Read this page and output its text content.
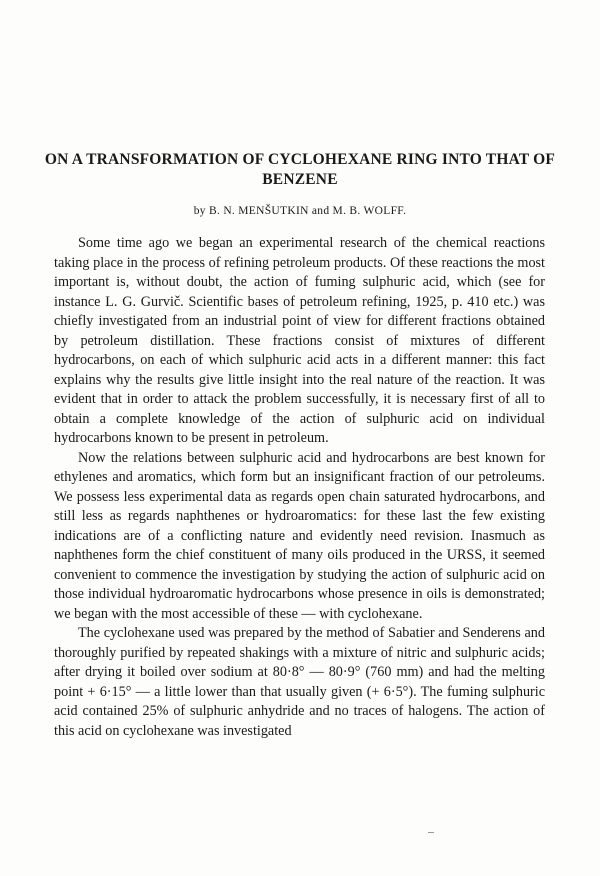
ON A TRANSFORMATION OF CYCLOHEXANE RING INTO THAT OF BENZENE
by B. N. MENŠUTKIN and M. B. WOLFF.

Some time ago we began an experimental research of the chemical reactions taking place in the process of refining petroleum products. Of these reactions the most important is, without doubt, the action of fuming sulphuric acid, which (see for instance L. G. Gurvič. Scientific bases of petroleum refining, 1925, p. 410 etc.) was chiefly investigated from an industrial point of view for different fractions obtained by petroleum distillation. These fractions consist of mixtures of different hydrocarbons, on each of which sulphuric acid acts in a different manner: this fact explains why the results give little insight into the real nature of the reaction. It was evident that in order to attack the problem successfully, it is necessary first of all to obtain a complete knowledge of the action of sulphuric acid on individual hydrocarbons known to be present in petroleum.

Now the relations between sulphuric acid and hydrocarbons are best known for ethylenes and aromatics, which form but an insignificant fraction of our petroleums. We possess less experimental data as regards open chain saturated hydrocarbons, and still less as regards naphthenes or hydroaromatics: for these last the few existing indications are of a conflicting nature and evidently need revision. Inasmuch as naphthenes form the chief constituent of many oils produced in the URSS, it seemed convenient to commence the investigation by studying the action of sulphuric acid on those individual hydroaromatic hydrocarbons whose presence in oils is demonstrated; we began with the most accessible of these — with cyclohexane.

The cyclohexane used was prepared by the method of Sabatier and Senderens and thoroughly purified by repeated shakings with a mixture of nitric and sulphuric acids; after drying it boiled over sodium at 80·8° — 80·9° (760 mm) and had the melting point + 6·15° — a little lower than that usually given (+ 6·5°). The fuming sulphuric acid contained 25% of sulphuric anhydride and no traces of halogens. The action of this acid on cyclohexane was investigated
